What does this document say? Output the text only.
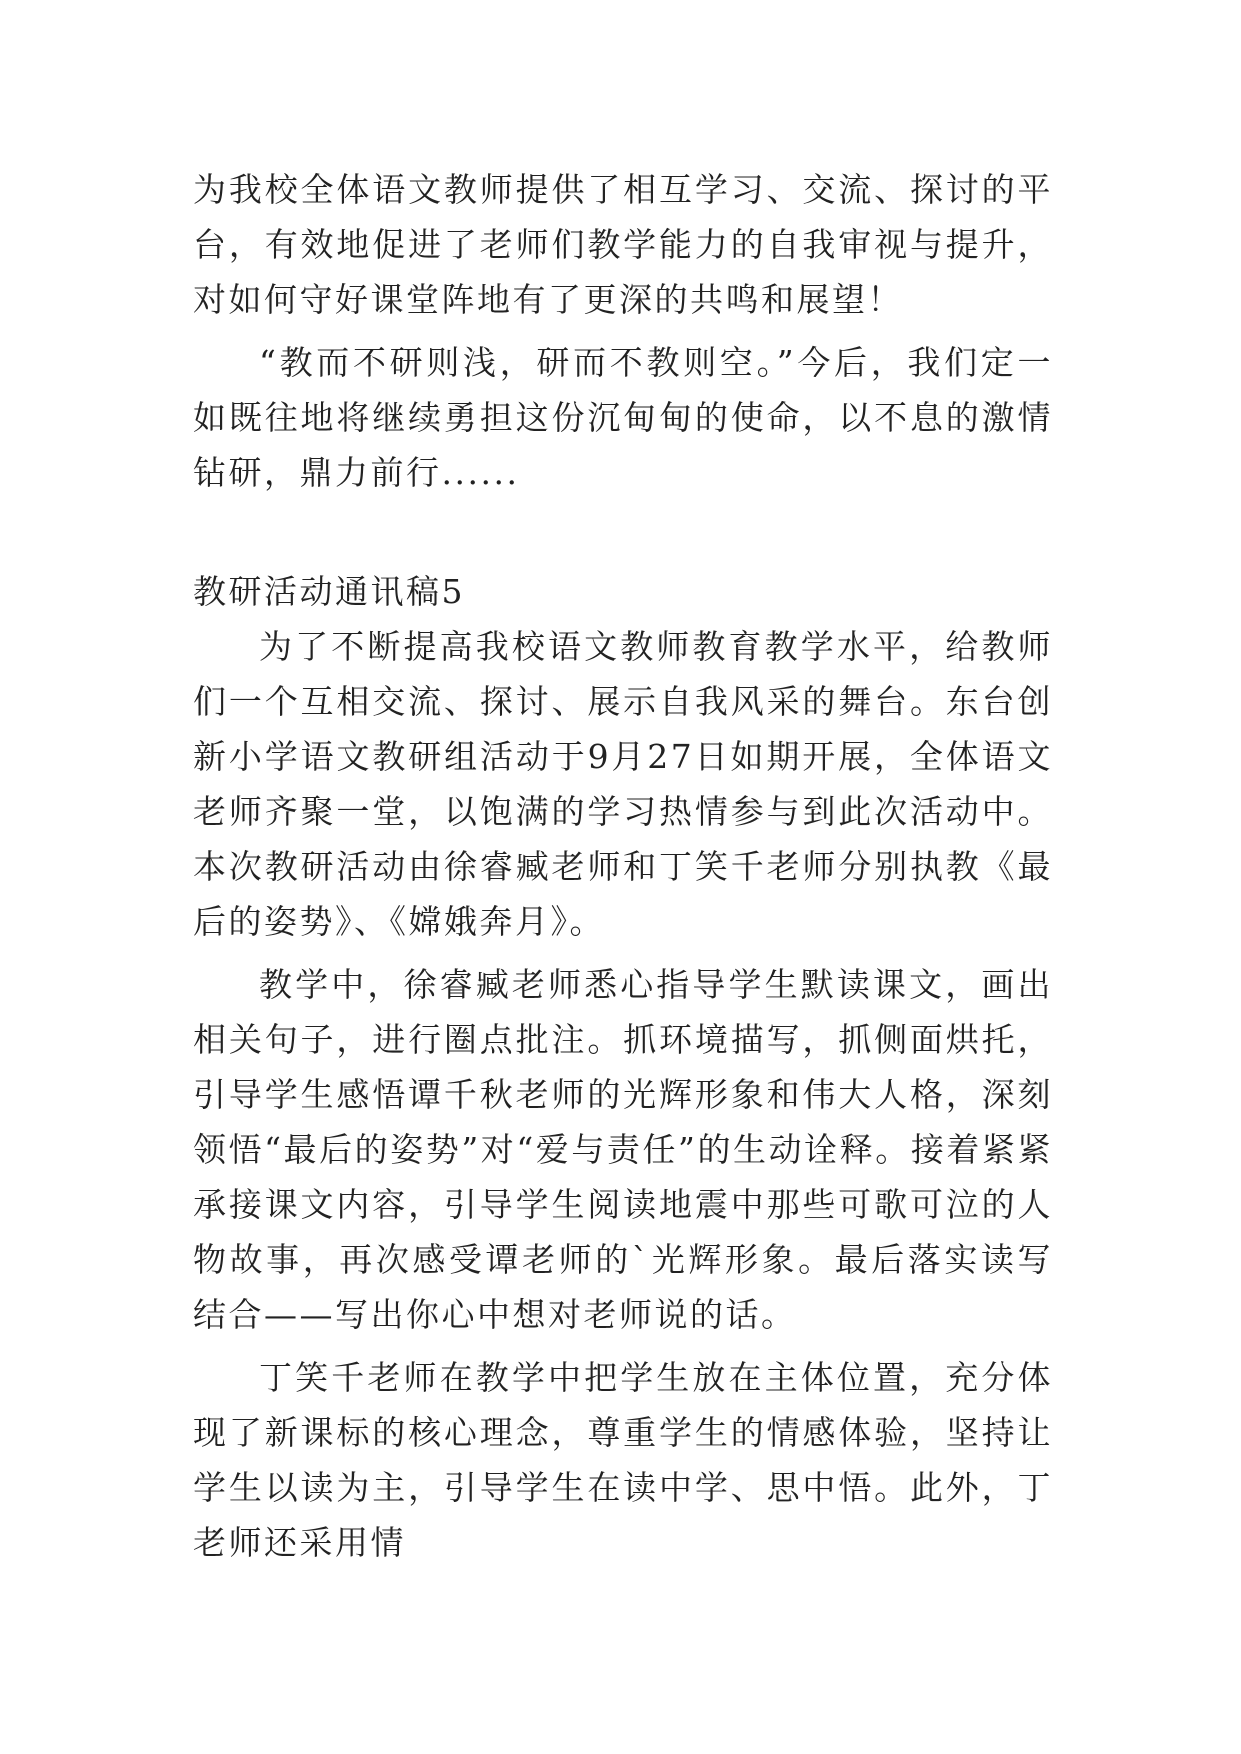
为我校全体语文教师提供了相互学习、交流、探讨的平台，有效地促进了老师们教学能力的自我审视与提升，对如何守好课堂阵地有了更深的共鸣和展望！

“教而不研则浅，研而不教则空。”今后，我们定一如既往地将继续勇担这份沉甸甸的使命，以不息的激情钻研，鼎力前行......

教研活动通讯稿5

为了不断提高我校语文教师教育教学水平，给教师们一个互相交流、探讨、展示自我风采的舞台。东台创新小学语文教研组活动于9月27日如期开展，全体语文老师齐聚一堂，以饱满的学习热情参与到此次活动中。本次教研活动由徐睿臧老师和丁笑千老师分别执教《最后的姿势》、《嫦娥奔月》。

教学中，徐睿臧老师悉心指导学生默读课文，画出相关句子，进行圈点批注。抓环境描写，抓侧面烘托，引导学生感悟谭千秋老师的光辉形象和伟大人格，深刻领悟“最后的姿势”对“爱与责任”的生动诠释。接着紧紧承接课文内容，引导学生阅读地震中那些可歌可泣的人物故事，再次感受谭老师的`光辉形象。最后落实读写结合——写出你心中想对老师说的话。

丁笑千老师在教学中把学生放在主体位置，充分体现了新课标的核心理念，尊重学生的情感体验，坚持让学生以读为主，引导学生在读中学、思中悟。此外，丁老师还采用情
